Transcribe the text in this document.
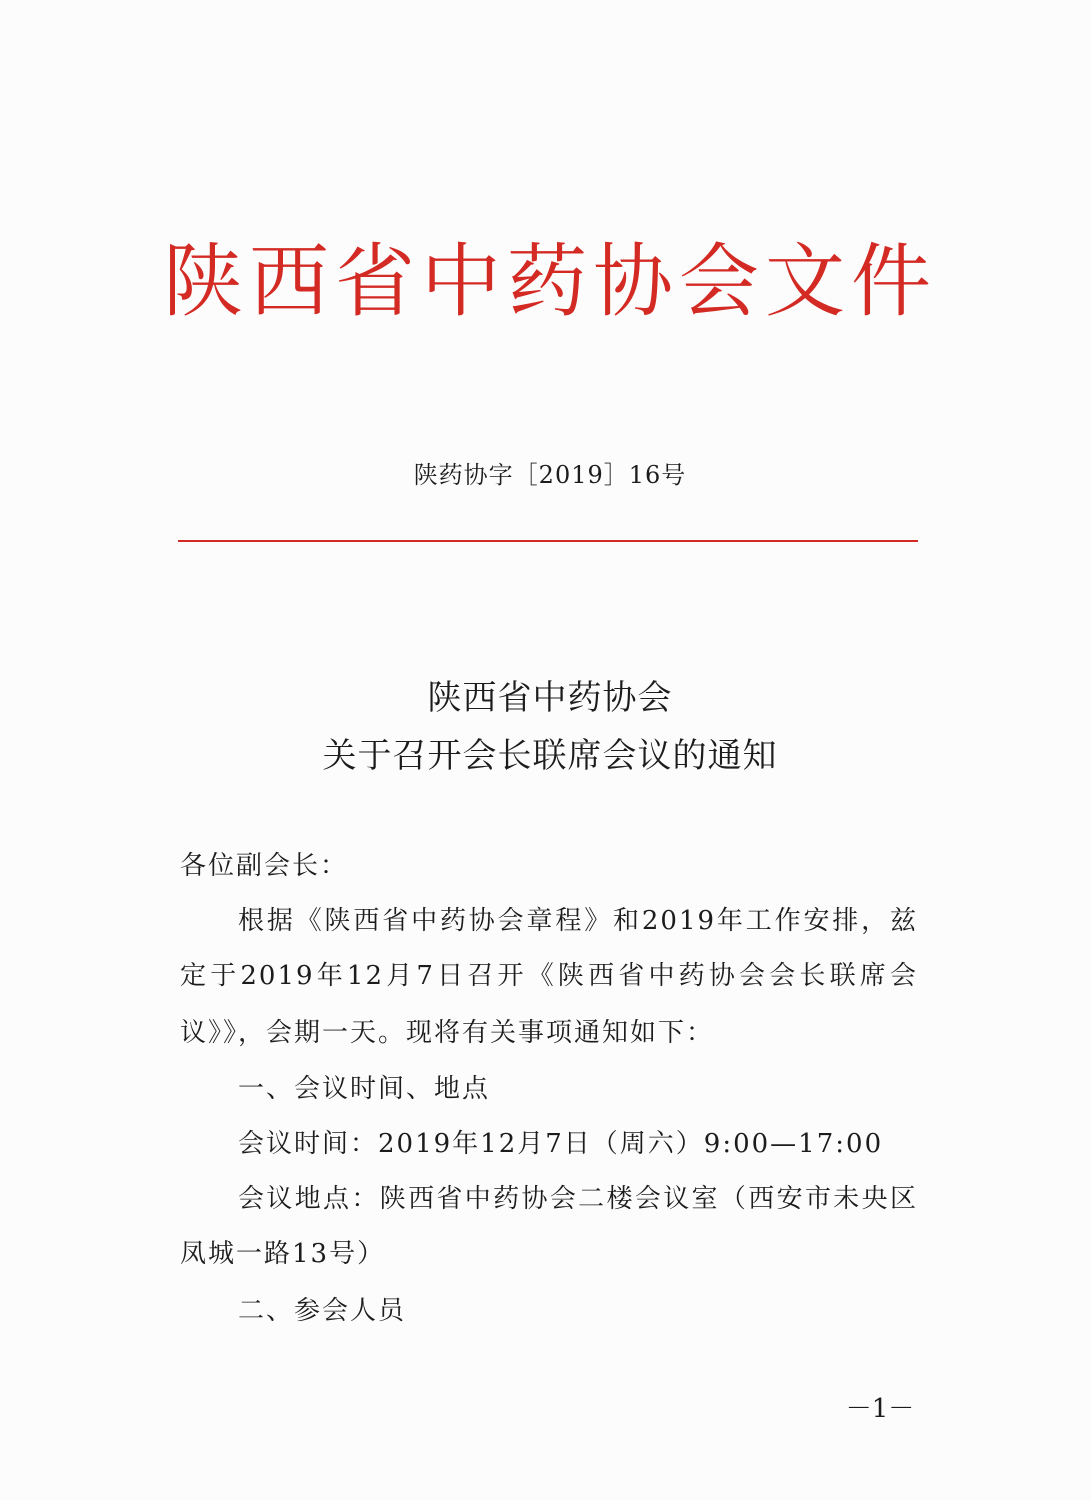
陕西省中药协会文件
陕药协字［2019］16号
陕西省中药协会
关于召开会长联席会议的通知
各位副会长：
根据《陕西省中药协会章程》和2019年工作安排，兹
定于2019年12月7日召开《陕西省中药协会会长联席会
议》》，会期一天。现将有关事项通知如下：
一、会议时间、地点
会议时间：2019年12月7日（周六）9:00—17:00
会议地点：陕西省中药协会二楼会议室（西安市未央区
凤城一路13号）
二、参会人员
－1－
